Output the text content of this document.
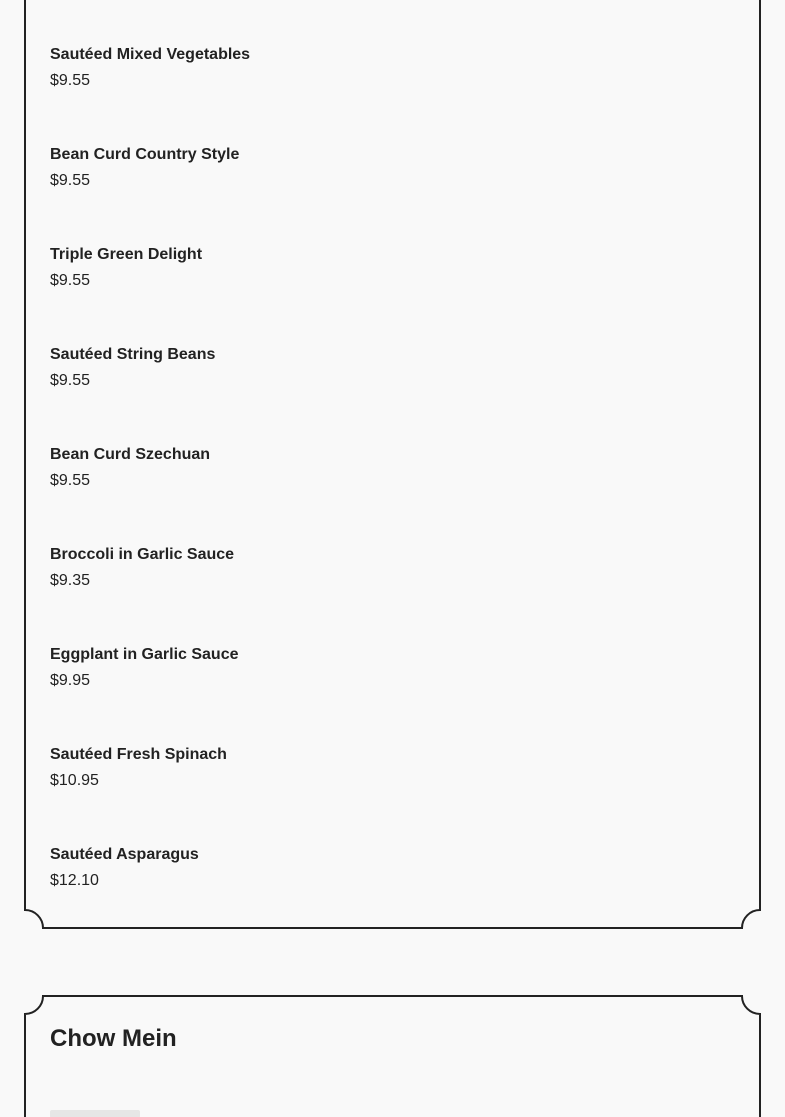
Sautéed Mixed Vegetables
$9.55
Bean Curd Country Style
$9.55
Triple Green Delight
$9.55
Sautéed String Beans
$9.55
Bean Curd Szechuan
$9.55
Broccoli in Garlic Sauce
$9.35
Eggplant in Garlic Sauce
$9.95
Sautéed Fresh Spinach
$10.95
Sautéed Asparagus
$12.10
Chow Mein
